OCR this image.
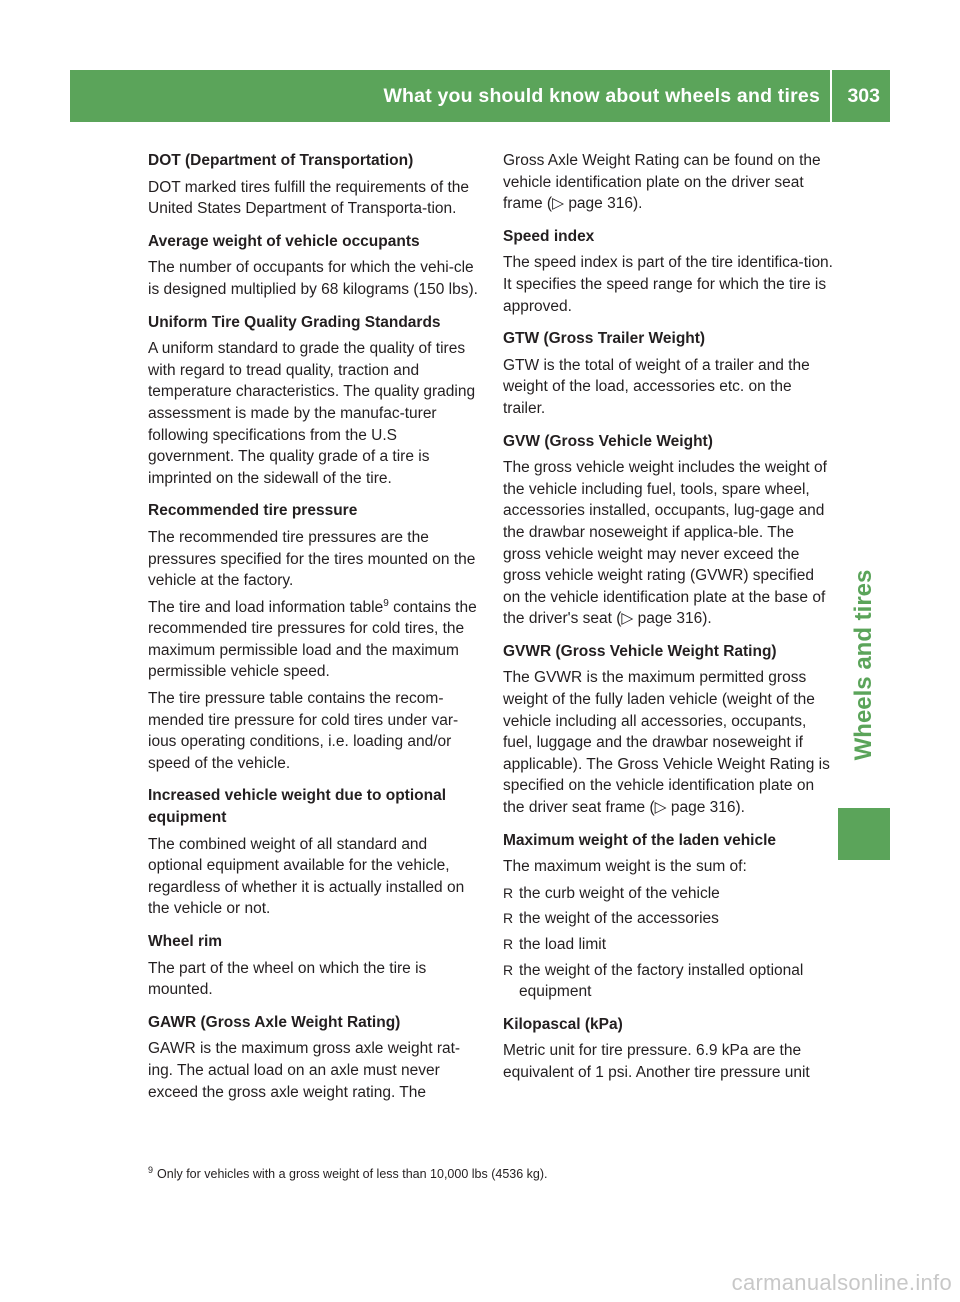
What you should know about wheels and tires 303
Wheels and tires
DOT (Department of Transportation)

DOT marked tires fulfill the requirements of the United States Department of Transporta-tion.

Average weight of vehicle occupants

The number of occupants for which the vehi-cle is designed multiplied by 68 kilograms (150 lbs).

Uniform Tire Quality Grading Standards

A uniform standard to grade the quality of tires with regard to tread quality, traction and temperature characteristics. The quality grading assessment is made by the manufac-turer following specifications from the U.S government. The quality grade of a tire is imprinted on the sidewall of the tire.

Recommended tire pressure

The recommended tire pressures are the pressures specified for the tires mounted on the vehicle at the factory.

The tire and load information table$^9$ contains the recommended tire pressures for cold tires, the maximum permissible load and the maximum permissible vehicle speed.

The tire pressure table contains the recom-mended tire pressure for cold tires under var-ious operating conditions, i.e. loading and/or speed of the vehicle.

Increased vehicle weight due to optional equipment

The combined weight of all standard and optional equipment available for the vehicle, regardless of whether it is actually installed on the vehicle or not.

Wheel rim

The part of the wheel on which the tire is mounted.

GAWR (Gross Axle Weight Rating)

GAWR is the maximum gross axle weight rat-ing. The actual load on an axle must never exceed the gross axle weight rating. The

Gross Axle Weight Rating can be found on the vehicle identification plate on the driver seat frame (▷ page 316).

Speed index

The speed index is part of the tire identifica-tion. It specifies the speed range for which the tire is approved.

GTW (Gross Trailer Weight)

GTW is the total of weight of a trailer and the weight of the load, accessories etc. on the trailer.

GVW (Gross Vehicle Weight)

The gross vehicle weight includes the weight of the vehicle including fuel, tools, spare wheel, accessories installed, occupants, lug-gage and the drawbar noseweight if applica-ble. The gross vehicle weight may never exceed the gross vehicle weight rating (GVWR) specified on the vehicle identification plate at the base of the driver's seat (▷ page 316).

GVWR (Gross Vehicle Weight Rating)

The GVWR is the maximum permitted gross weight of the fully laden vehicle (weight of the vehicle including all accessories, occupants, fuel, luggage and the drawbar noseweight if applicable). The Gross Vehicle Weight Rating is specified on the vehicle identification plate on the driver seat frame (▷ page 316).

Maximum weight of the laden vehicle

The maximum weight is the sum of:

R the curb weight of the vehicle
R the weight of the accessories
R the load limit
R the weight of the factory installed optional equipment
Kilopascal (kPa)

Metric unit for tire pressure. 6.9 kPa are the equivalent of 1 psi. Another tire pressure unit

$^9$ Only for vehicles with a gross weight of less than 10,000 lbs (4536 kg).
carmanualsonline.info
